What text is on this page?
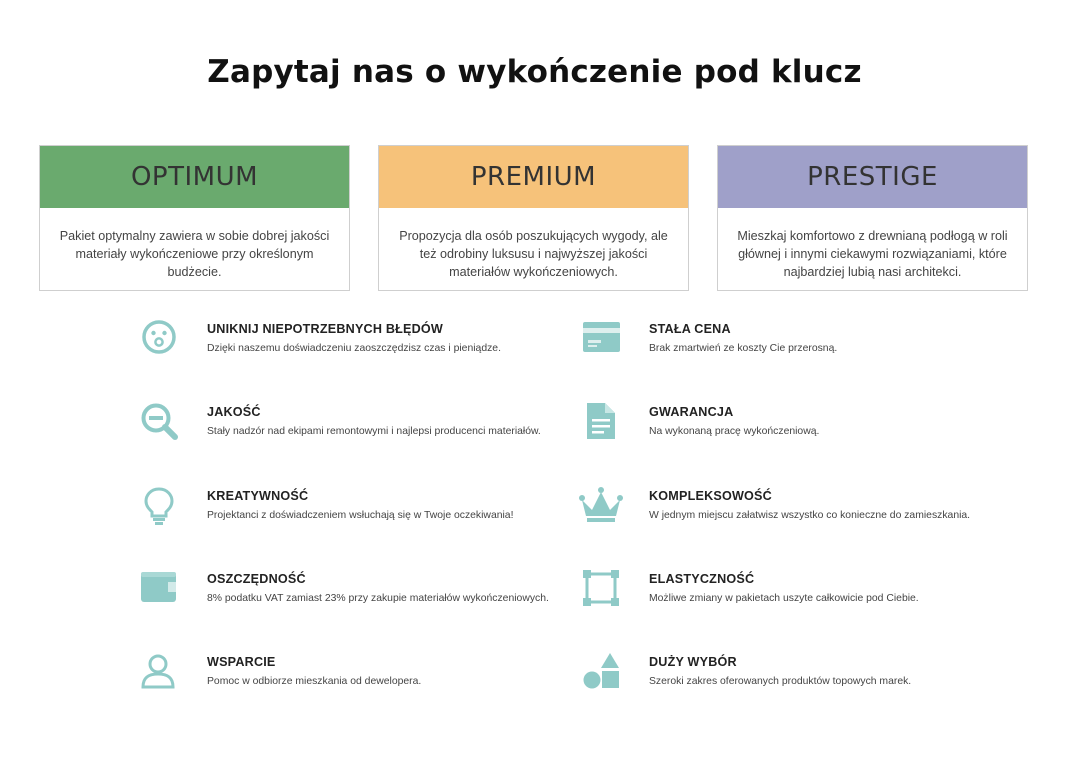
Zapytaj nas o wykończenie pod klucz
OPTIMUM
Pakiet optymalny zawiera w sobie dobrej jakości materiały wykończeniowe przy określonym budżecie.
PREMIUM
Propozycja dla osób poszukujących wygody, ale też odrobiny luksusu i najwyższej jakości materiałów wykończeniowych.
PRESTIGE
Mieszkaj komfortowo z drewnianą podłogą w roli głównej i innymi ciekawymi rozwiązaniami, które najbardziej lubią nasi architekci.
UNIKNIJ NIEPOTRZEBNYCH BŁĘDÓW
Dzięki naszemu doświadczeniu zaoszczędzisz czas i pieniądze.
JAKOŚĆ
Stały nadzór nad ekipami remontowymi i najlepsi producenci materiałów.
KREATYWNOŚĆ
Projektanci z doświadczeniem wsłuchają się w Twoje oczekiwania!
OSZCZĘDNOŚĆ
8% podatku VAT zamiast 23% przy zakupie materiałów wykończeniowych.
WSPARCIE
Pomoc w odbiorze mieszkania od dewelopera.
STAŁA CENA
Brak zmartwień ze koszty Cie przerosną.
GWARANCJA
Na wykonaną pracę wykończeniową.
KOMPLEKSOWOŚĆ
W jednym miejscu załatwisz wszystko co konieczne do zamieszkania.
ELASTYCZNOŚĆ
Możliwe zmiany w pakietach uszyte całkowicie pod Ciebie.
DUŻY WYBÓR
Szeroki zakres oferowanych produktów topowych marek.
